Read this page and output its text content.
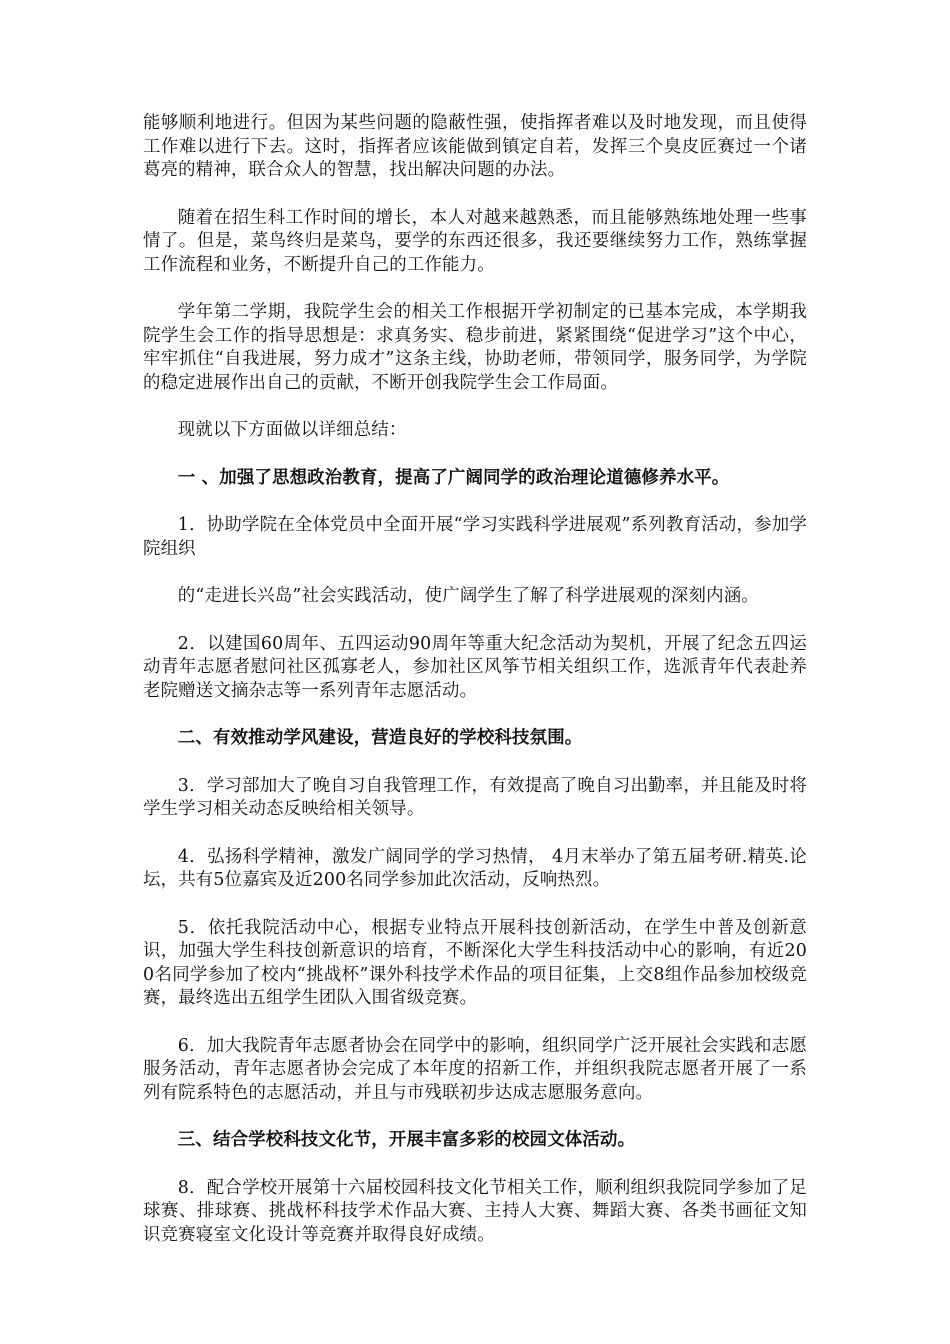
能够顺利地进行。但因为某些问题的隐蔽性强，使指挥者难以及时地发现，而且使得工作难以进行下去。这时，指挥者应该能做到镇定自若，发挥三个臭皮匠赛过一个诸葛亮的精神，联合众人的智慧，找出解决问题的办法。

随着在招生科工作时间的增长，本人对越来越熟悉，而且能够熟练地处理一些事情了。但是，菜鸟终归是菜鸟，要学的东西还很多，我还要继续努力工作，熟练掌握工作流程和业务，不断提升自己的工作能力。

学年第二学期，我院学生会的相关工作根据开学初制定的已基本完成，本学期我院学生会工作的指导思想是：求真务实、稳步前进，紧紧围绕“促进学习”这个中心，牢牢抓住“自我进展，努力成才”这条主线，协助老师，带领同学，服务同学，为学院的稳定进展作出自己的贡献，不断开创我院学生会工作局面。

现就以下方面做以详细总结：

一 、加强了思想政治教育，提高了广阔同学的政治理论道德修养水平。

1．协助学院在全体党员中全面开展“学习实践科学进展观”系列教育活动，参加学院组织

的“走进长兴岛”社会实践活动，使广阔学生了解了科学进展观的深刻内涵。

2．以建国60周年、五四运动90周年等重大纪念活动为契机，开展了纪念五四运动青年志愿者慰问社区孤寡老人，参加社区风筝节相关组织工作，选派青年代表赴养老院赠送文摘杂志等一系列青年志愿活动。

二、有效推动学风建设，营造良好的学校科技氛围。

3．学习部加大了晚自习自我管理工作，有效提高了晚自习出勤率，并且能及时将学生学习相关动态反映给相关领导。

4．弘扬科学精神，激发广阔同学的学习热情， 4月末举办了第五届考研.精英.论坛，共有5位嘉宾及近200名同学参加此次活动，反响热烈。

5．依托我院活动中心，根据专业特点开展科技创新活动，在学生中普及创新意识，加强大学生科技创新意识的培育，不断深化大学生科技活动中心的影响，有近200名同学参加了校内“挑战杯”课外科技学术作品的项目征集，上交8组作品参加校级竞赛，最终选出五组学生团队入围省级竞赛。

6．加大我院青年志愿者协会在同学中的影响，组织同学广泛开展社会实践和志愿服务活动，青年志愿者协会完成了本年度的招新工作，并组织我院志愿者开展了一系列有院系特色的志愿活动，并且与市残联初步达成志愿服务意向。

三、结合学校科技文化节，开展丰富多彩的校园文体活动。

8．配合学校开展第十六届校园科技文化节相关工作，顺利组织我院同学参加了足球赛、排球赛、挑战杯科技学术作品大赛、主持人大赛、舞蹈大赛、各类书画征文知识竞赛寝室文化设计等竞赛并取得良好成绩。
